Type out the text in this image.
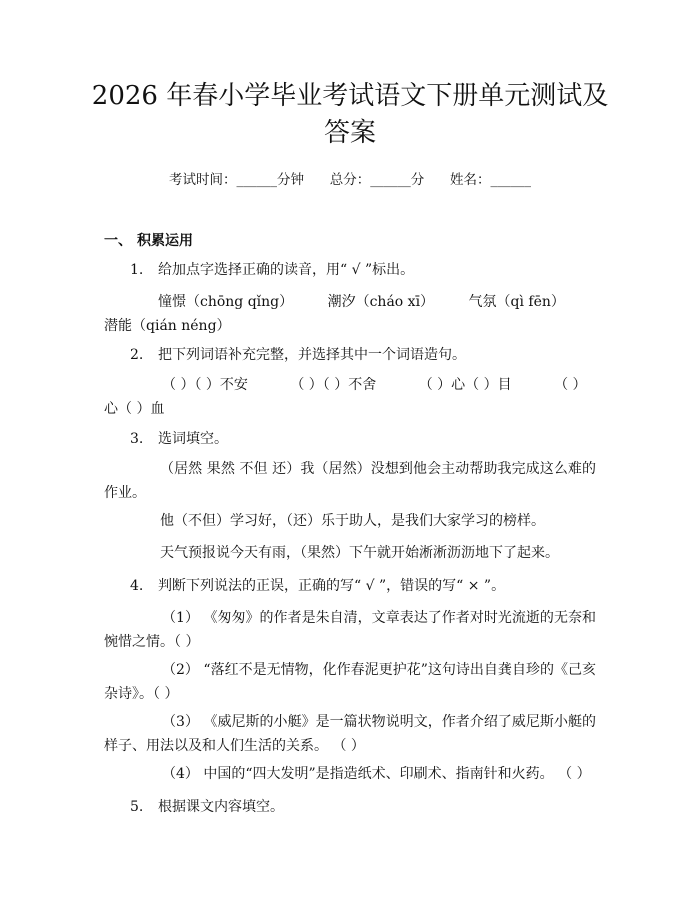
2026 年春小学毕业考试语文下册单元测试及答案
考试时间：______分钟 总分：______分 姓名：______
一、 积累运用

1. 给加点字选择正确的读音，用“ √ ”标出。

憧憬（chōng qǐng） 潮汐（cháo xī） 气氛（qì fēn） 潜能（qián néng）

2. 把下列词语补充完整，并选择其中一个词语造句。

（ ）（ ）不安	（ ）（ ）不舍	（ ）心（ ）目	（ ）心（ ）血

3. 选词填空。

（居然 果然 不但 还）我（居然）没想到他会主动帮助我完成这么难的作业。

他（不但）学习好，（还）乐于助人，是我们大家学习的榜样。

天气预报说今天有雨，（果然）下午就开始淅淅沥沥地下了起来。

4. 判断下列说法的正误，正确的写“ √ ”，错误的写“ × ”。

（1） 《匆匆》的作者是朱自清，文章表达了作者对时光流逝的无奈和惋惜之情。（ ）

（2） “落红不是无情物，化作春泥更护花”这句诗出自龚自珍的《己亥杂诗》。（ ）

（3） 《威尼斯的小艇》是一篇状物说明文，作者介绍了威尼斯小艇的样子、用法以及和人们生活的关系。 （ ）

（4） 中国的“四大发明”是指造纸术、印刷术、指南针和火药。 （ ）

5. 根据课文内容填空。
